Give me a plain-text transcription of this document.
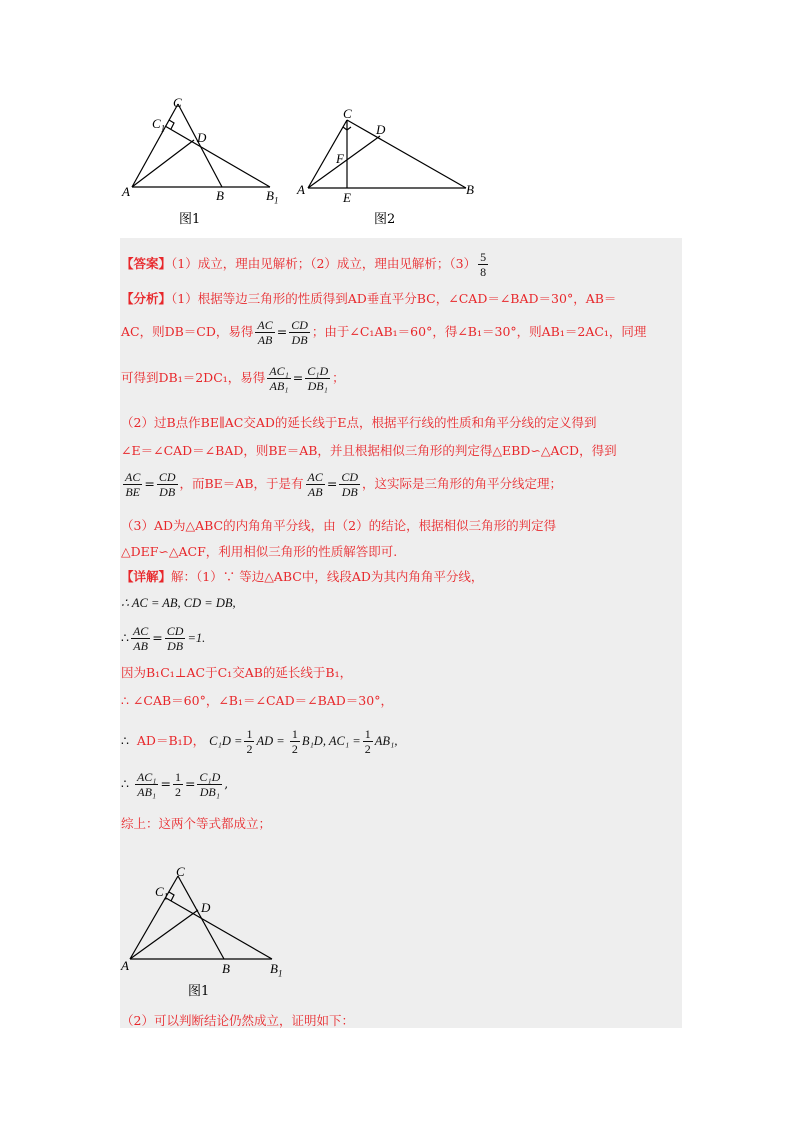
C
$C_1$
D
A	B	$B_1$
图1
C
D
F
A
E
B
图2
【答案】（1）成立，理由见解析；（2）成立，理由见解析；$(3) \frac{5}{8}$
【分析】（1）根据等边三角形的性质得到AD垂直平分BC，∠CAD＝∠BAD＝30°，AB＝
AC，则DB＝CD，易得 $\frac{AC}{AB} = \frac{CD}{DB}$ ；由于∠C₁AB₁＝60°，得∠B₁＝30°，则AB₁＝2AC₁，同理
可得到DB₁＝2DC₁，易得 $\frac{\text{AC₁}}{\text{AB₁}} = \frac{\text{C₁D}}{\text{DB₁}}$ ；
（2）过B点作BE∥AC交AD的延长线于E点，根据平行线的性质和角平分线的定义得到
∠E＝∠CAD＝∠BAD，则BE＝AB，并且根据相似三角形的判定得△EBD∽△ACD，得到
$\frac{AC}{BE} = \frac{CD}{DB}$ ，而BE＝AB，于是有 $\frac{AC}{AB} = \frac{CD}{DB}$ ，这实际是三角形的角平分线定理；
（3）AD为△ABC的内角角平分线，由（2）的结论，根据相似三角形的判定得
△DEF∽△ACF，利用相似三角形的性质解答即可.
【详解】解：（1）∵ 等边△ABC中，线段AD为其内角角平分线，
∴ AC = AB, CD = DB,
∴ $\frac{AC}{AB} = \frac{CD}{DB} =1$.
因为B₁C₁⊥AC于C₁交AB的延长线于B₁，
∴ ∠CAB＝60°，∠B₁＝∠CAD＝∠BAD＝30°，
∴ AD＝B₁D， $C_1D = \frac{1}{2}$ AD = $\frac{1}{2} B_1D$, $AC_1 = \frac{1}{2} AB_1$,
∴ $\frac{\text{AC₁}}{\text{AB₁}} = \frac{1}{2} = \frac{\text{C₁D}}{\text{DB₁}}$ ,
综上：这两个等式都成立；
C
$C_1$
D
A	B	$B_1$
图1
（2）可以判断结论仍然成立，证明如下：
